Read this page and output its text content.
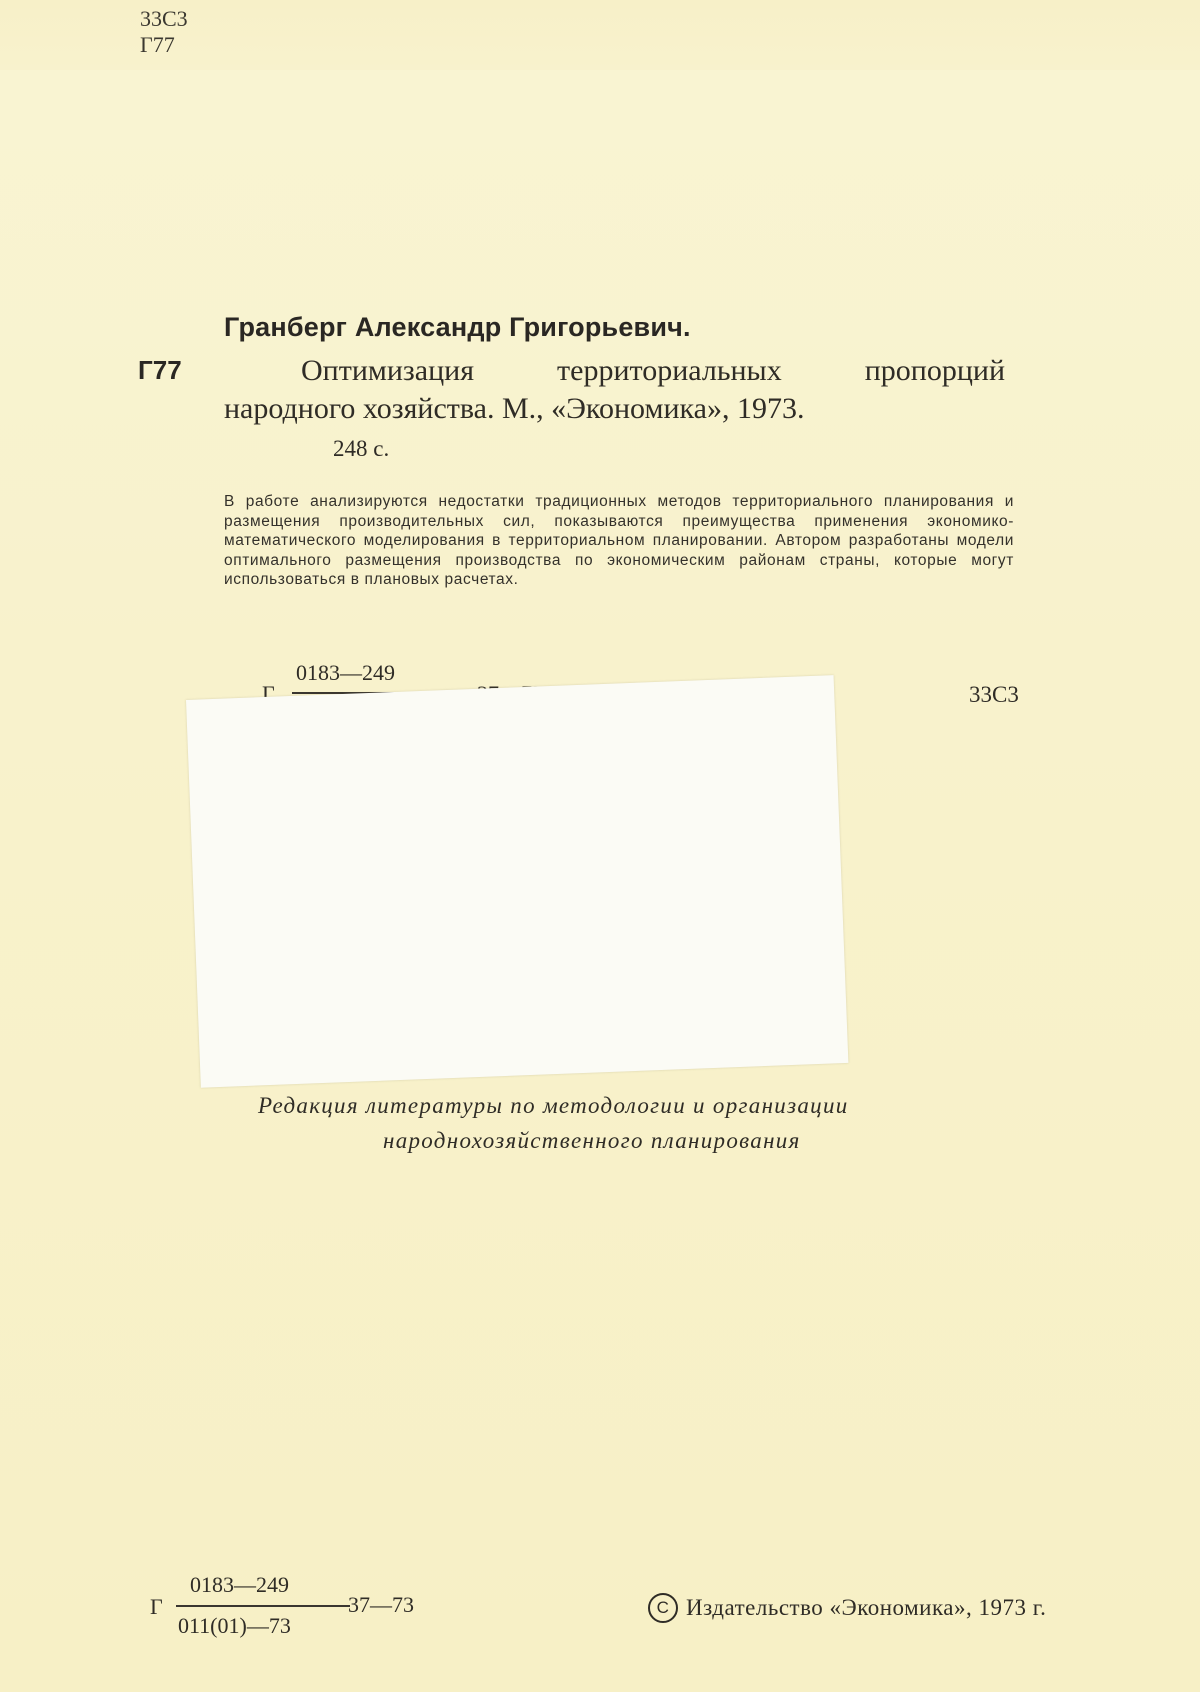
33С3
Г77
Гранберг Александр Григорьевич.
Г77	Оптимизация территориальных пропорций
народного хозяйства. М., «Экономика», 1973.
248 с.
В работе анализируются недостатки традиционных методов территориального планирования и размещения производительных сил, показываются преимущества применения экономико-математического моделирования в территориальном планировании. Автором разработаны модели оптимального размещения производства по экономическим районам страны, которые могут использоваться в плановых расчетах.
Г
0183—249
33С3
Редакция литературы по методологии и организации
народнохозяйственного планирования
Г
0183—249
011(01)—73
37—73	С Издательство «Экономика», 1973 г.
